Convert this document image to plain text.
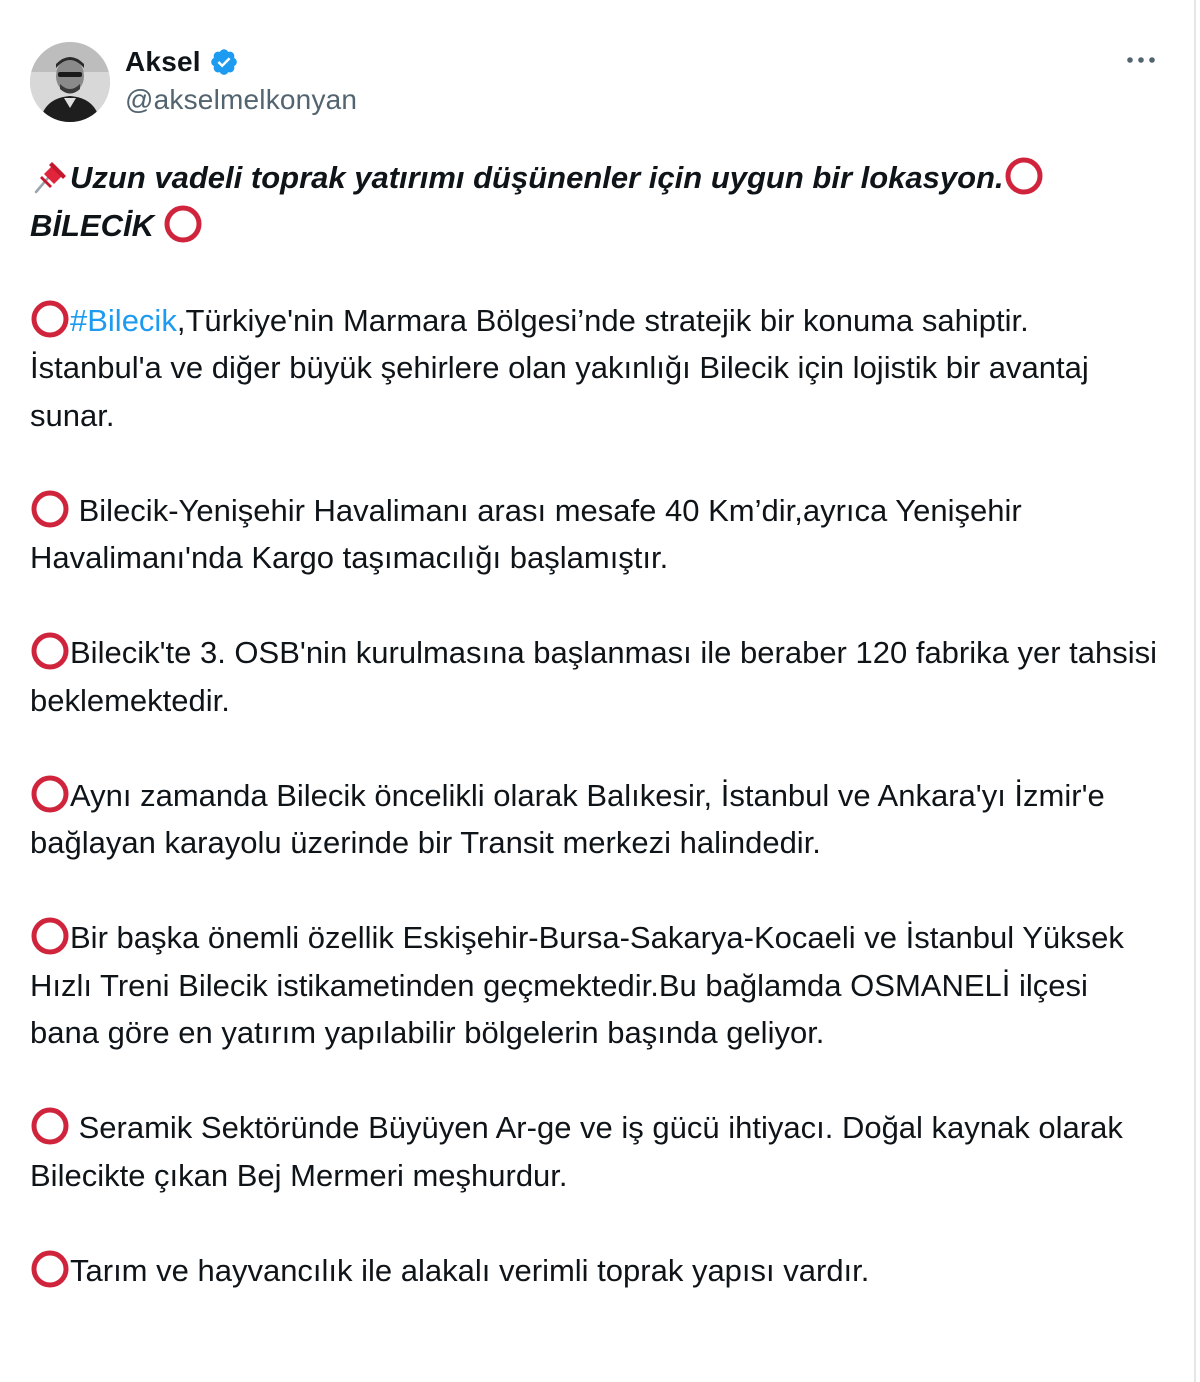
Aksel
@akselmelkonyan

Uzun vadeli toprak yatırımı düşünenler için uygun bir lokasyon.

BİLECİK

#Bilecik,Türkiye'nin Marmara Bölgesi’nde stratejik bir konuma sahiptir. İstanbul'a ve diğer büyük şehirlere olan yakınlığı Bilecik için lojistik bir avantaj sunar.

Bilecik-Yenişehir Havalimanı arası mesafe 40 Km’dir,ayrıca Yenişehir Havalimanı'nda Kargo taşımacılığı başlamıştır.

Bilecik'te 3. OSB'nin kurulmasına başlanması ile beraber 120 fabrika yer tahsisi beklemektedir.

Aynı zamanda Bilecik öncelikli olarak Balıkesir, İstanbul ve Ankara'yı İzmir'e bağlayan karayolu üzerinde bir Transit merkezi halindedir.

Bir başka önemli özellik Eskişehir-Bursa-Sakarya-Kocaeli ve İstanbul Yüksek Hızlı Treni Bilecik istikametinden geçmektedir.Bu bağlamda OSMANELİ ilçesi bana göre en yatırım yapılabilir bölgelerin başında geliyor.

Seramik Sektöründe Büyüyen Ar-ge ve iş gücü ihtiyacı. Doğal kaynak olarak Bilecikte çıkan Bej Mermeri meşhurdur.

Tarım ve hayvancılık ile alakalı verimli toprak yapısı vardır.
